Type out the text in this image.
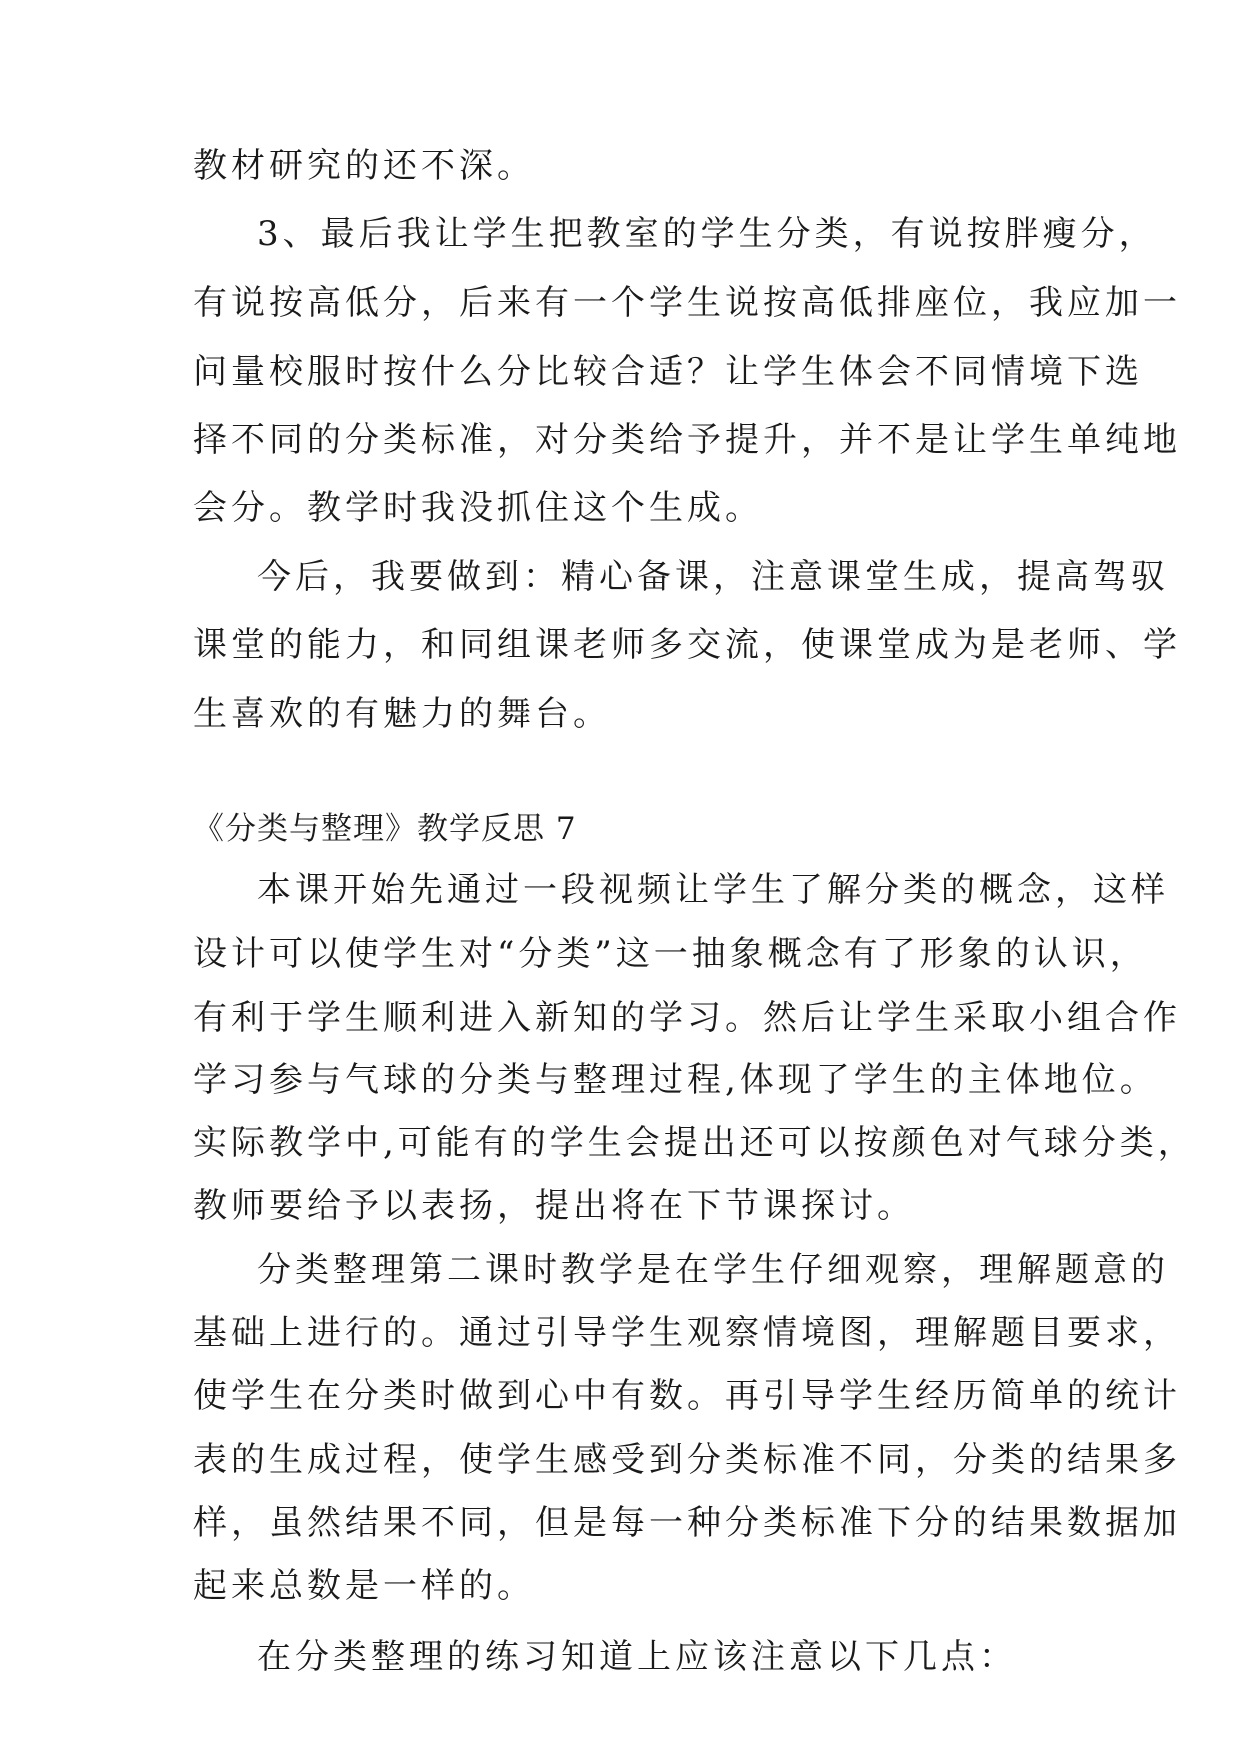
教材研究的还不深。
3、最后我让学生把教室的学生分类，有说按胖瘦分，
有说按高低分，后来有一个学生说按高低排座位，我应加一
问量校服时按什么分比较合适？让学生体会不同情境下选
择不同的分类标准，对分类给予提升，并不是让学生单纯地
会分。教学时我没抓住这个生成。
今后，我要做到：精心备课，注意课堂生成，提高驾驭
课堂的能力，和同组课老师多交流，使课堂成为是老师、学
生喜欢的有魅力的舞台。
《分类与整理》教学反思 7
本课开始先通过一段视频让学生了解分类的概念，这样
设计可以使学生对“分类”这一抽象概念有了形象的认识，
有利于学生顺利进入新知的学习。然后让学生采取小组合作
学习参与气球的分类与整理过程,体现了学生的主体地位。
实际教学中,可能有的学生会提出还可以按颜色对气球分类，
教师要给予以表扬，提出将在下节课探讨。
分类整理第二课时教学是在学生仔细观察，理解题意的
基础上进行的。通过引导学生观察情境图，理解题目要求，
使学生在分类时做到心中有数。再引导学生经历简单的统计
表的生成过程，使学生感受到分类标准不同，分类的结果多
样，虽然结果不同，但是每一种分类标准下分的结果数据加
起来总数是一样的。
在分类整理的练习知道上应该注意以下几点：
